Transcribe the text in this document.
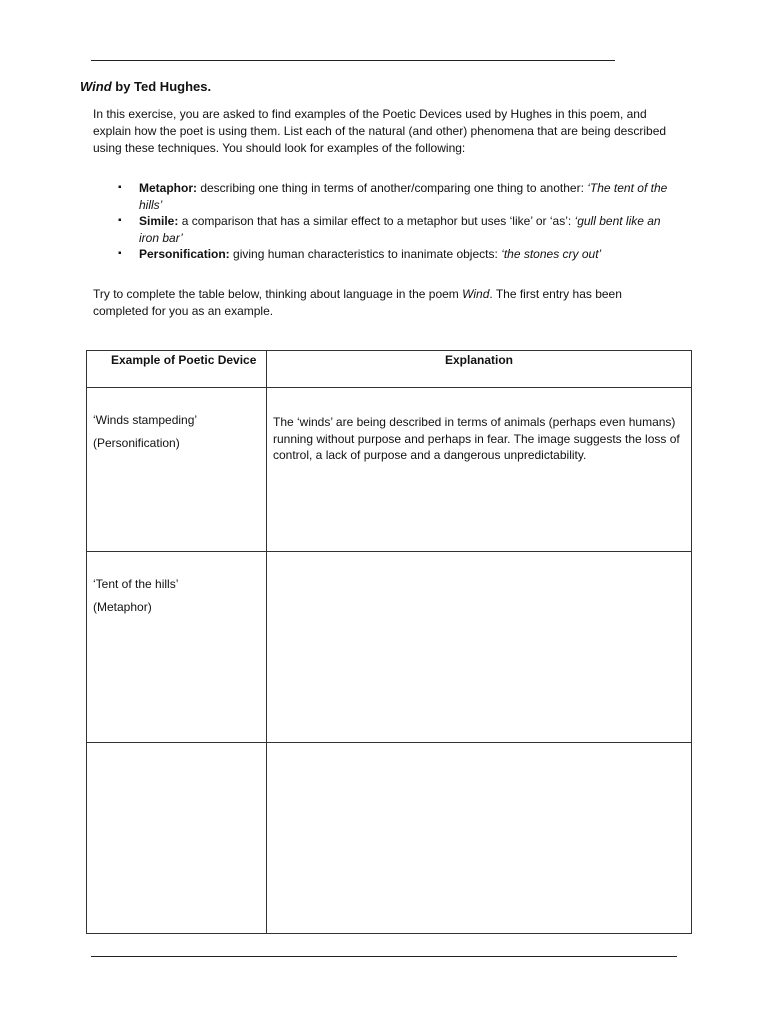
Wind by Ted Hughes.
In this exercise, you are asked to find examples of the Poetic Devices used by Hughes in this poem, and explain how the poet is using them. List each of the natural (and other) phenomena that are being described using these techniques. You should look for examples of the following:
▪ Metaphor: describing one thing in terms of another/comparing one thing to another: ‘The tent of the hills’
▪ Simile: a comparison that has a similar effect to a metaphor but uses ‘like’ or ‘as’: ‘gull bent like an iron bar’
▪ Personification: giving human characteristics to inanimate objects: ‘the stones cry out’
Try to complete the table below, thinking about language in the poem Wind. The first entry has been completed for you as an example.
Example of Poetic Device	Explanation

‘Winds stampeding’
(Personification)	The ‘winds’ are being described in terms of animals (perhaps even humans) running without purpose and perhaps in fear. The image suggests the loss of control, a lack of purpose and a dangerous unpredictability.

‘Tent of the hills’
(Metaphor)	
